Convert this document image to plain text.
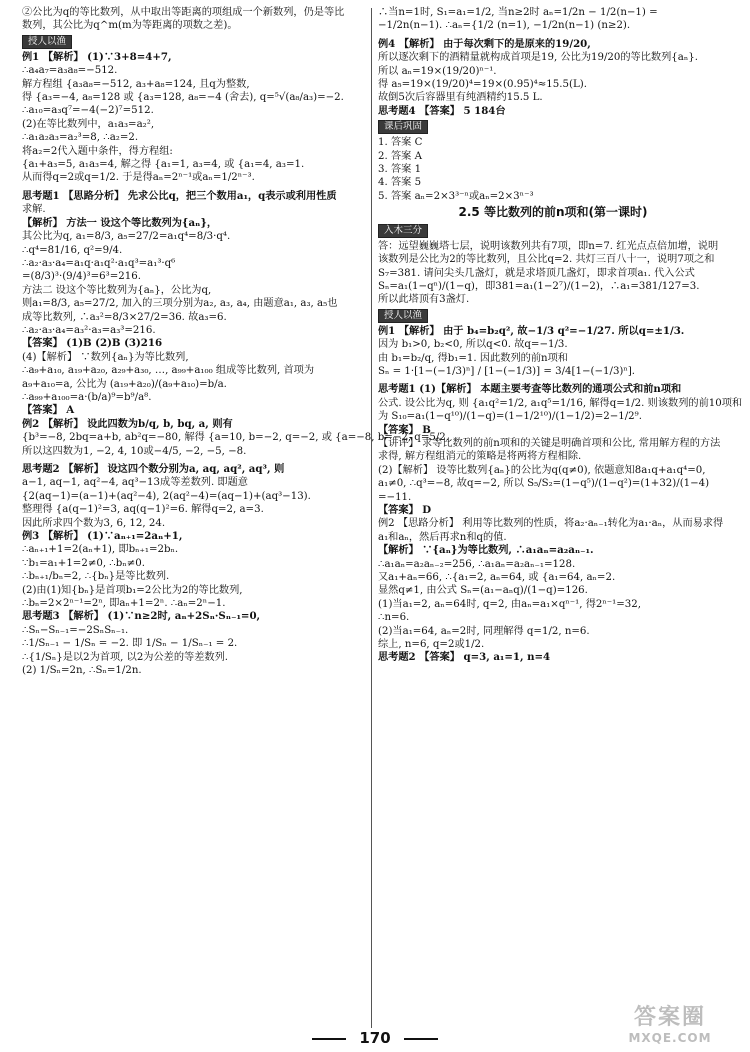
②公比为q的等比数列，从中取出等距离的项组成一个新数列，仍是等比
数列，其公比为q^m(m为等距离的项数之差)。
授人以渔
例1 【解析】 (1)∵3+8=4+7,
∴a₄a₇=a₃a₈=−512.
解方程组 {a₃a₈=−512, a₃+a₈=124, 且q为整数,
得 {a₃=−4, a₈=128 或 {a₃=128, a₈=−4 (舍去), q=⁵√(a₈/a₃)=−2.
∴a₁₀=a₃q⁷=−4(−2)⁷=512.
(2)在等比数列中，a₁a₃=a₂²,
∴a₁a₂a₃=a₂³=8, ∴a₂=2.
将a₂=2代入题中条件，得方程组:
{a₁+a₃=5, a₁a₃=4, 解之得 {a₁=1, a₃=4, 或 {a₁=4, a₃=1.
从而得q=2或q=1/2. 于是得aₙ=2ⁿ⁻¹或aₙ=1/2ⁿ⁻³.
思考题1 【思路分析】 先求公比q，把三个数用a₁，q表示或利用性质
求解.
【解析】 方法一 设这个等比数列为{aₙ}，
其公比为q, a₁=8/3, a₅=27/2=a₁q⁴=8/3·q⁴.
∴q⁴=81/16, q²=9/4.
∴a₂·a₃·a₄=a₁q·a₁q²·a₁q³=a₁³·q⁶
=(8/3)³·(9/4)³=6³=216.
方法二 设这个等比数列为{aₙ}，公比为q,
则a₁=8/3, a₅=27/2, 加入的三项分别为a₂, a₃, a₄, 由题意a₁, a₃, a₅也
成等比数列, ∴a₃²=8/3×27/2=36. 故a₃=6.
∴a₂·a₃·a₄=a₃²·a₃=a₃³=216.
【答案】 (1)B (2)B (3)216
(4)【解析】 ∵数列{aₙ}为等比数列,
∴a₉+a₁₀, a₁₉+a₂₀, a₂₉+a₃₀, …, a₉₉+a₁₀₀ 组成等比数列, 首项为
a₉+a₁₀=a, 公比为 (a₁₉+a₂₀)/(a₉+a₁₀)=b/a.
∴a₉₉+a₁₀₀=a·(b/a)⁹=b⁹/a⁸.
【答案】 A
例2 【解析】 设此四数为b/q, b, bq, a, 则有
{b³=−8, 2bq=a+b, ab²q=−80, 解得 {a=10, b=−2, q=−2, 或 {a=−8, b=−2, q=5/2.
所以这四数为1, −2, 4, 10或−4/5, −2, −5, −8.
思考题2 【解析】 设这四个数分别为a, aq, aq², aq³, 则
a−1, aq−1, aq²−4, aq³−13成等差数列. 即题意
{2(aq−1)=(a−1)+(aq²−4), 2(aq²−4)=(aq−1)+(aq³−13).
整理得 {a(q−1)²=3, aq(q−1)²=6. 解得q=2, a=3.
因此所求四个数为3, 6, 12, 24.
例3 【解析】 (1)∵aₙ₊₁=2aₙ+1,
∴aₙ₊₁+1=2(aₙ+1), 即bₙ₊₁=2bₙ.
∵b₁=a₁+1=2≠0, ∴bₙ≠0.
∴bₙ₊₁/bₙ=2, ∴{bₙ}是等比数列.
(2)由(1)知{bₙ}是首项b₁=2公比为2的等比数列,
∴bₙ=2×2ⁿ⁻¹=2ⁿ, 即aₙ+1=2ⁿ. ∴aₙ=2ⁿ−1.
思考题3 【解析】 (1)∵n≥2时, aₙ+2Sₙ·Sₙ₋₁=0,
∴Sₙ−Sₙ₋₁=−2SₙSₙ₋₁.
∴1/Sₙ₋₁ − 1/Sₙ = −2. 即 1/Sₙ − 1/Sₙ₋₁ = 2.
∴{1/Sₙ}是以2为首项, 以2为公差的等差数列.
(2) 1/Sₙ=2n, ∴Sₙ=1/2n.
∴当n=1时, S₁=a₁=1/2, 当n≥2时 aₙ=1/2n − 1/2(n−1) =
−1/2n(n−1). ∴aₙ={1/2 (n=1), −1/2n(n−1) (n≥2).
例4 【解析】 由于每次剩下的是原来的19/20,
所以逐次剩下的酒精量就构成首项是19, 公比为19/20的等比数列{aₙ}.
所以 aₙ=19×(19/20)ⁿ⁻¹.
得 a₅=19×(19/20)⁴=19×(0.95)⁴≈15.5(L).
故倒5次后容器里有纯酒精约15.5 L.
思考题4 【答案】 5 184台
课后巩固
1. 答案 C
2. 答案 A
3. 答案 1
4. 答案 5
5. 答案 aₙ=2×3³⁻ⁿ或aₙ=2×3ⁿ⁻³
2.5 等比数列的前n项和(第一课时)
入木三分
答：远望巍巍塔七层，说明该数列共有7项，即n=7. 红光点点倍加增，说明该数列是公比为2的等比数列，且公比q=2. 共灯三百八十一，说明7项之和S₇=381. 请问尖头几盏灯，就是求塔顶几盏灯，即求首项a₁. 代入公式Sₙ=a₁(1−qⁿ)/(1−q)，即381=a₁(1−2⁷)/(1−2)，∴a₁=381/127=3.
所以此塔顶有3盏灯.
授人以渔
例1 【解析】 由于 b₄=b₂q², 故−1/3 q²=−1/27. 所以q=±1/3.
因为 b₁>0, b₂<0, 所以q<0. 故q=−1/3.
由 b₁=b₂/q, 得b₁=1. 因此数列的前n项和
Sₙ = 1·[1−(−1/3)ⁿ] / [1−(−1/3)] = 3/4[1−(−1/3)ⁿ].
思考题1 (1)【解析】 本题主要考查等比数列的通项公式和前n项和
公式. 设公比为q, 则 {a₁q²=1/2, a₁q⁵=1/16, 解得q=1/2. 则该数列的前10项和
为 S₁₀=a₁(1−q¹⁰)/(1−q)=(1−1/2¹⁰)/(1−1/2)=2−1/2⁹.
【答案】 B
【讲评】 求等比数列的前n项和的关键是明确首项和公比, 常用解方程的方法求得, 解方程组消元的策略是将两将方程相除.
(2)【解析】 设等比数列{aₙ}的公比为q(q≠0), 依题意知8a₁q+a₁q⁴=0, a₁≠0, ∴q³=−8, 故q=−2, 所以 S₅/S₂=(1−q⁵)/(1−q²)=(1+32)/(1−4)
=−11.
【答案】 D
例2 【思路分析】 利用等比数列的性质，将a₂·aₙ₋₁转化为a₁·aₙ，从而易求得a₁和aₙ，然后再求n和q的值.
【解析】 ∵{aₙ}为等比数列, ∴a₁aₙ=a₂aₙ₋₁.
∴a₁aₙ=a₂aₙ₋₂=256, ∴a₁aₙ=a₂aₙ₋₁=128.
又a₁+aₙ=66, ∴{a₁=2, aₙ=64, 或 {a₁=64, aₙ=2.
显然q≠1, 由公式 Sₙ=(a₁−aₙq)/(1−q)=126.
(1)当a₁=2, aₙ=64时, q=2, 由aₙ=a₁×qⁿ⁻¹, 得2ⁿ⁻¹=32,
∴n=6.
(2)当a₁=64, aₙ=2时, 同理解得 q=1/2, n=6.
综上, n=6, q=2或1/2.
思考题2 【答案】 q=3, a₁=1, n=4
170
答案圈
MXQE.COM
